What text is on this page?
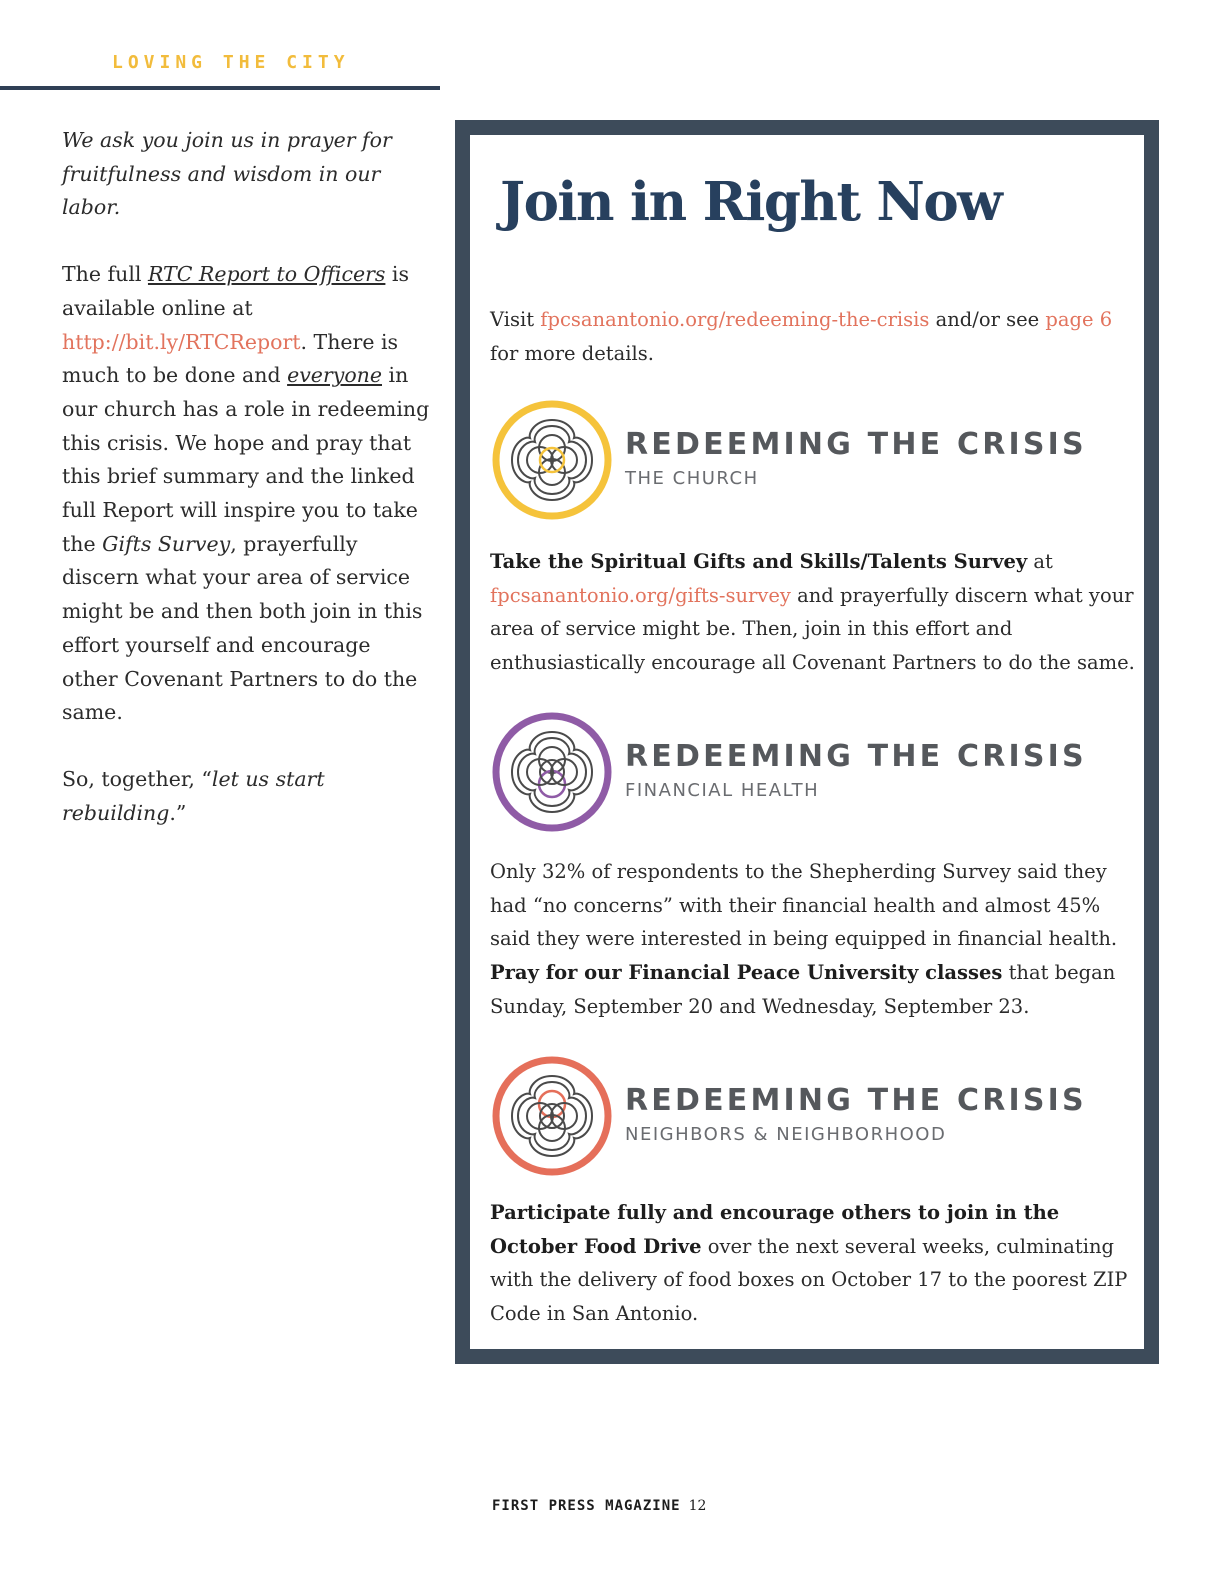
LOVING THE CITY

We ask you join us in prayer for fruitfulness and wisdom in our labor.

The full RTC Report to Officers is available online at http://bit.ly/RTCReport. There is much to be done and everyone in our church has a role in redeeming this crisis. We hope and pray that this brief summary and the linked full Report will inspire you to take the Gifts Survey, prayerfully discern what your area of service might be and then both join in this effort yourself and encourage other Covenant Partners to do the same.

So, together, “let us start rebuilding.”

Join in Right Now

Visit fpcsanantonio.org/redeeming-the-crisis and/or see page 6 for more details.

REDEEMING THE CRISIS
THE CHURCH

Take the Spiritual Gifts and Skills/Talents Survey at fpcsanantonio.org/gifts-survey and prayerfully discern what your area of service might be. Then, join in this effort and enthusiastically encourage all Covenant Partners to do the same.

REDEEMING THE CRISIS
FINANCIAL HEALTH

Only 32% of respondents to the Shepherding Survey said they had “no concerns” with their financial health and almost 45% said they were interested in being equipped in financial health. Pray for our Financial Peace University classes that began Sunday, September 20 and Wednesday, September 23.

REDEEMING THE CRISIS
NEIGHBORS & NEIGHBORHOOD

Participate fully and encourage others to join in the October Food Drive over the next several weeks, culminating with the delivery of food boxes on October 17 to the poorest ZIP Code in San Antonio.

FIRST PRESS MAGAZINE 12
